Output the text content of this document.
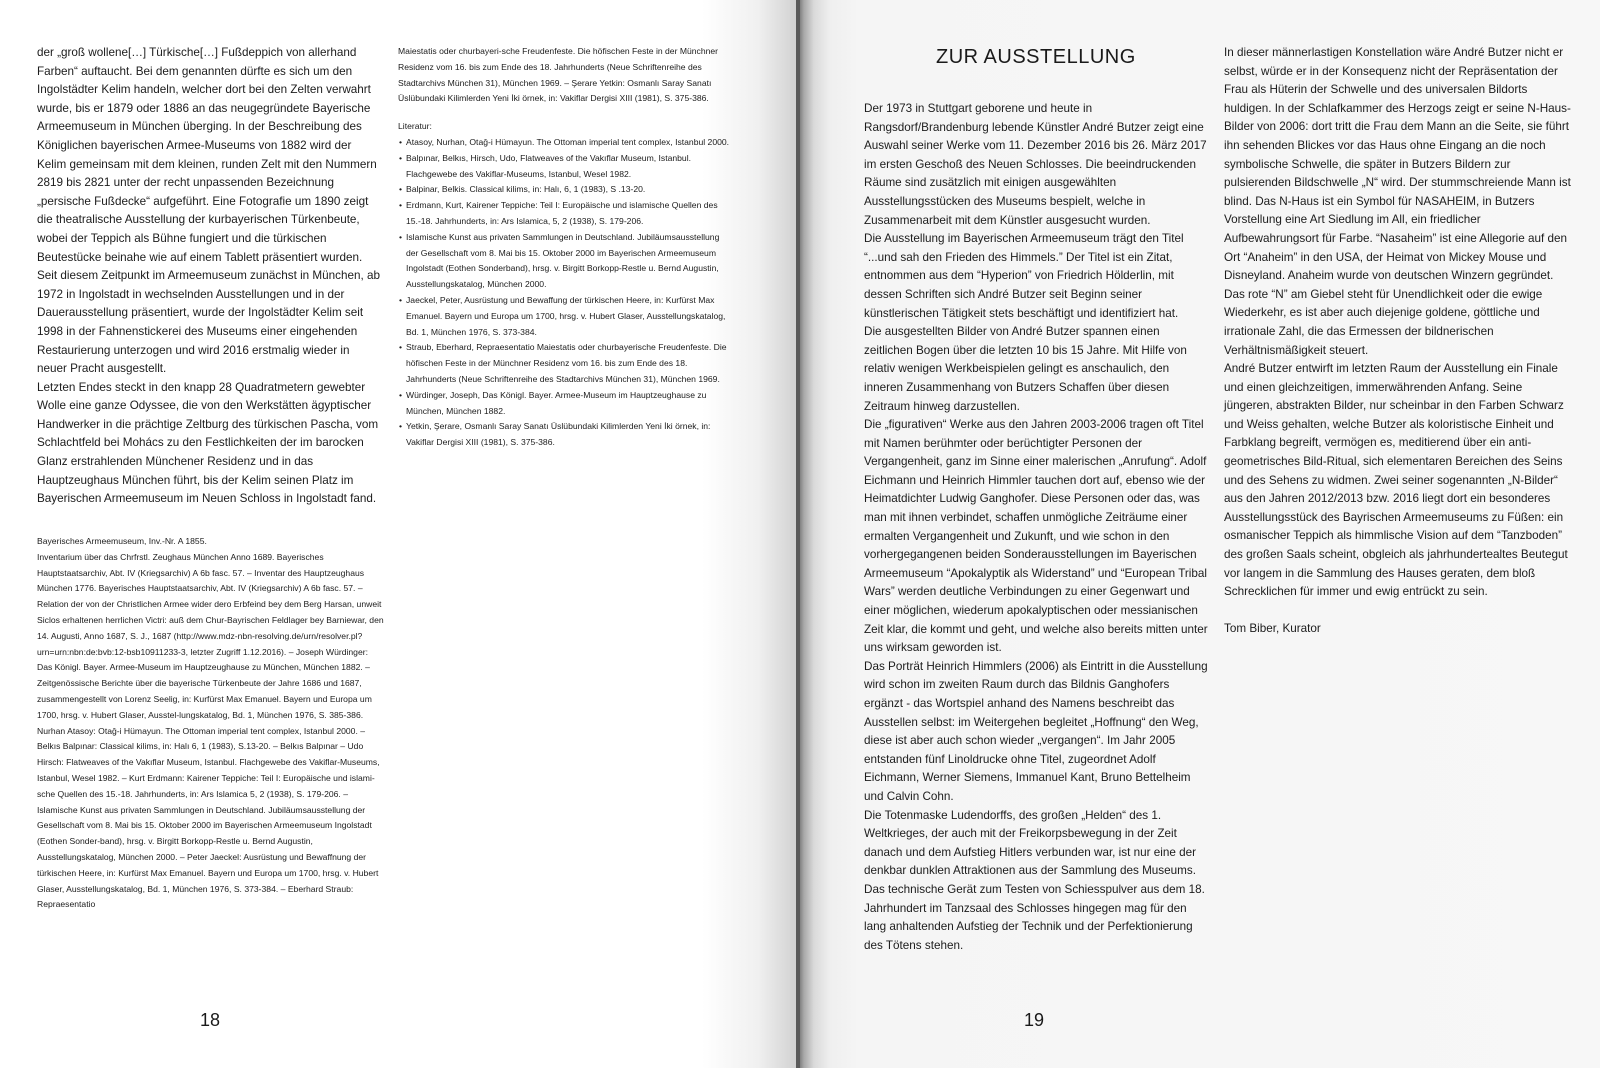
der „groß wollene[…] Türkische[…] Fußdeppich von allerhand Farben“ auftaucht. Bei dem genannten dürfte es sich um den Ingolstädter Kelim handeln, welcher dort bei den Zelten verwahrt wurde, bis er 1879 oder 1886 an das neugegründete Bayerische Armeemuseum in München überging. In der Beschreibung des Königlichen bayerischen Armee-Museums von 1882 wird der Kelim gemeinsam mit dem kleinen, runden Zelt mit den Nummern 2819 bis 2821 unter der recht unpassenden Bezeichnung „persische Fußdecke“ aufgeführt. Eine Fotografie um 1890 zeigt die theatralische Ausstellung der kurbayerischen Türkenbeute, wobei der Teppich als Bühne fungiert und die türkischen Beutestücke beinahe wie auf einem Tablett präsentiert wurden.

Seit diesem Zeitpunkt im Armeemuseum zunächst in München, ab 1972 in Ingolstadt in wechselnden Ausstellungen und in der Dauerausstellung präsentiert, wurde der Ingolstädter Kelim seit 1998 in der Fahnenstickerei des Museums einer eingehenden Restaurierung unterzogen und wird 2016 erstmalig wieder in neuer Pracht ausgestellt.

Letzten Endes steckt in den knapp 28 Quadratmetern gewebter Wolle eine ganze Odyssee, die von den Werkstätten ägyptischer Handwerker in die prächtige Zeltburg des türkischen Pascha, vom Schlachtfeld bei Mohács zu den Festlichkeiten der im barocken Glanz erstrahlenden Münchener Residenz und in das Hauptzeughaus München führt, bis der Kelim seinen Platz im Bayerischen Armeemuseum im Neuen Schloss in Ingolstadt fand.

Bayerisches Armeemuseum, Inv.-Nr. A 1855.

Inventarium über das Chrfrstl. Zeughaus München Anno 1689. Bayerisches Hauptstaatsarchiv, Abt. IV (Kriegsarchiv) A 6b fasc. 57. – Inventar des Hauptzeughaus München 1776. Bayerisches Hauptstaatsarchiv, Abt. IV (Kriegsarchiv) A 6b fasc. 57. – Relation der von der Christlichen Armee wider dero Erbfeind bey dem Berg Harsan, unweit Siclos erhaltenen herrlichen Victri: auß dem Chur-Bayrischen Feldlager bey Barniewar, den 14. Augusti, Anno 1687, S. J., 1687 (http://www.mdz-nbn-resolving.de/urn/resolver.pl?urn=urn:nbn:de:bvb:12-bsb10911233-3, letzter Zugriff 1.12.2016). – Joseph Würdinger: Das Königl. Bayer. Armee-Museum im Hauptzeughause zu München, München 1882. – Zeitgenössische Berichte über die bayerische Türkenbeute der Jahre 1686 und 1687, zusammengestellt von Lorenz Seelig, in: Kurfürst Max Emanuel. Bayern und Europa um 1700, hrsg. v. Hubert Glaser, Ausstel-lungskatalog, Bd. 1, München 1976, S. 385-386.

Nurhan Atasoy: Otağ-i Hümayun. The Ottoman imperial tent complex, Istanbul 2000. – Belkıs Balpınar: Classical kilims, in: Halı 6, 1 (1983), S.13-20. – Belkıs Balpınar – Udo Hirsch: Flatweaves of the Vakıflar Museum, Istanbul. Flachgewebe des Vakiflar-Museums, Istanbul, Wesel 1982. – Kurt Erdmann: Kairener Teppiche: Teil I: Europäische und islami-sche Quellen des 15.-18. Jahrhunderts, in: Ars Islamica 5, 2 (1938), S. 179-206. – Islamische Kunst aus privaten Sammlungen in Deutschland. Jubiläumsausstellung der Gesellschaft vom 8. Mai bis 15. Oktober 2000 im Bayerischen Armeemuseum Ingolstadt (Eothen Sonder-band), hrsg. v. Birgitt Borkopp-Restle u. Bernd Augustin, Ausstellungskatalog, München 2000. – Peter Jaeckel: Ausrüstung und Bewaffnung der türkischen Heere, in: Kurfürst Max Emanuel. Bayern und Europa um 1700, hrsg. v. Hubert Glaser, Ausstellungskatalog, Bd. 1, München 1976, S. 373-384. – Eberhard Straub: Repraesentatio

Maiestatis oder churbayeri-sche Freudenfeste. Die höfischen Feste in der Münchner Residenz vom 16. bis zum Ende des 18. Jahrhunderts (Neue Schriftenreihe des Stadtarchivs München 31), München 1969. – Şerare Yetkin: Osmanlı Saray Sanatı Üslübundaki Kilimlerden Yeni İki örnek, in: Vakiflar Dergisi XIII (1981), S. 375-386.

Literatur:

• Atasoy, Nurhan, Otağ-i Hümayun. The Ottoman imperial tent complex, Istanbul 2000.

• Balpınar, Belkıs, Hirsch, Udo, Flatweaves of the Vakıflar Museum, Istanbul. Flachgewebe des Vakiflar-Museums, Istanbul, Wesel 1982.

• Balpinar, Belkis. Classical kilims, in: Halı, 6, 1 (1983), S .13-20.

• Erdmann, Kurt, Kairener Teppiche: Teil I: Europäische und islamische Quellen des 15.-18. Jahrhunderts, in: Ars Islamica, 5, 2 (1938), S. 179-206.

• Islamische Kunst aus privaten Sammlungen in Deutschland. Jubiläumsausstellung der Gesellschaft vom 8. Mai bis 15. Oktober 2000 im Bayerischen Armeemuseum Ingolstadt (Eothen Sonderband), hrsg. v. Birgitt Borkopp-Restle u. Bernd Augustin, Ausstellungskatalog, München 2000.

• Jaeckel, Peter, Ausrüstung und Bewaffung der türkischen Heere, in: Kurfürst Max Emanuel. Bayern und Europa um 1700, hrsg. v. Hubert Glaser, Ausstellungskatalog, Bd. 1, München 1976, S. 373-384.

• Straub, Eberhard, Repraesentatio Maiestatis oder churbayerische Freudenfeste. Die höfischen Feste in der Münchner Residenz vom 16. bis zum Ende des 18. Jahrhunderts (Neue Schriftenreihe des Stadtarchivs München 31), München 1969.

• Würdinger, Joseph, Das Königl. Bayer. Armee-Museum im Hauptzeughause zu München, München 1882.

• Yetkin, Şerare, Osmanlı Saray Sanatı Üslübundaki Kilimlerden Yeni İki örnek, in: Vakiflar Dergisi XIII (1981), S. 375-386.

18
ZUR AUSSTELLUNG

Der 1973 in Stuttgart geborene und heute in Rangsdorf/Brandenburg lebende Künstler André Butzer zeigt eine Auswahl seiner Werke vom 11. Dezember 2016 bis 26. März 2017 im ersten Geschoß des Neuen Schlosses. Die beeindruckenden Räume sind zusätzlich mit einigen ausgewählten Ausstellungsstücken des Museums bespielt, welche in Zusammenarbeit mit dem Künstler ausgesucht wurden.

Die Ausstellung im Bayerischen Armeemuseum trägt den Titel “...und sah den Frieden des Himmels.” Der Titel ist ein Zitat, entnommen aus dem “Hyperion” von Friedrich Hölderlin, mit dessen Schriften sich André Butzer seit Beginn seiner künstlerischen Tätigkeit stets beschäftigt und identifiziert hat.

Die ausgestellten Bilder von André Butzer spannen einen zeitlichen Bogen über die letzten 10 bis 15 Jahre. Mit Hilfe von relativ wenigen Werkbeispielen gelingt es anschaulich, den inneren Zusammenhang von Butzers Schaffen über diesen Zeitraum hinweg darzustellen.

Die „figurativen“ Werke aus den Jahren 2003-2006 tragen oft Titel mit Namen berühmter oder berüchtigter Personen der Vergangenheit, ganz im Sinne einer malerischen „Anrufung“. Adolf Eichmann und Heinrich Himmler tauchen dort auf, ebenso wie der Heimatdichter Ludwig Ganghofer. Diese Personen oder das, was man mit ihnen verbindet, schaffen unmögliche Zeiträume einer ermalten Vergangenheit und Zukunft, und wie schon in den vorhergegangenen beiden Sonderausstellungen im Bayerischen Armeemuseum “Apokalyptik als Widerstand” und “European Tribal Wars” werden deutliche Verbindungen zu einer Gegenwart und einer möglichen, wiederum apokalyptischen oder messianischen Zeit klar, die kommt und geht, und welche also bereits mitten unter uns wirksam geworden ist.

Das Porträt Heinrich Himmlers (2006) als Eintritt in die Ausstellung wird schon im zweiten Raum durch das Bildnis Ganghofers ergänzt - das Wortspiel anhand des Namens beschreibt das Ausstellen selbst: im Weitergehen begleitet „Hoffnung“ den Weg, diese ist aber auch schon wieder „vergangen“. Im Jahr 2005 entstanden fünf Linoldrucke ohne Titel, zugeordnet Adolf Eichmann, Werner Siemens, Immanuel Kant, Bruno Bettelheim und Calvin Cohn.

Die Totenmaske Ludendorffs, des großen „Helden“ des 1. Weltkrieges, der auch mit der Freikorpsbewegung in der Zeit danach und dem Aufstieg Hitlers verbunden war, ist nur eine der denkbar dunklen Attraktionen aus der Sammlung des Museums. Das technische Gerät zum Testen von Schiesspulver aus dem 18. Jahrhundert im Tanzsaal des Schlosses hingegen mag für den lang anhaltenden Aufstieg der Technik und der Perfektionierung des Tötens stehen.

In dieser männerlastigen Konstellation wäre André Butzer nicht er selbst, würde er in der Konsequenz nicht der Repräsentation der Frau als Hüterin der Schwelle und des universalen Bildorts huldigen. In der Schlafkammer des Herzogs zeigt er seine N-Haus-Bilder von 2006: dort tritt die Frau dem Mann an die Seite, sie führt ihn sehenden Blickes vor das Haus ohne Eingang an die noch symbolische Schwelle, die später in Butzers Bildern zur pulsierenden Bildschwelle „N“ wird. Der stummschreiende Mann ist blind. Das N-Haus ist ein Symbol für NASAHEIM, in Butzers Vorstellung eine Art Siedlung im All, ein friedlicher Aufbewahrungsort für Farbe. “Nasaheim” ist eine Allegorie auf den Ort “Anaheim” in den USA, der Heimat von Mickey Mouse und Disneyland. Anaheim wurde von deutschen Winzern gegründet. Das rote “N” am Giebel steht für Unendlichkeit oder die ewige Wiederkehr, es ist aber auch diejenige goldene, göttliche und irrationale Zahl, die das Ermessen der bildnerischen Verhältnismäßigkeit steuert.

André Butzer entwirft im letzten Raum der Ausstellung ein Finale und einen gleichzeitigen, immerwährenden Anfang. Seine jüngeren, abstrakten Bilder, nur scheinbar in den Farben Schwarz und Weiss gehalten, welche Butzer als koloristische Einheit und Farbklang begreift, vermögen es, meditierend über ein anti-geometrisches Bild-Ritual, sich elementaren Bereichen des Seins und des Sehens zu widmen. Zwei seiner sogenannten „N-Bilder“ aus den Jahren 2012/2013 bzw. 2016 liegt dort ein besonderes Ausstellungsstück des Bayrischen Armeemuseums zu Füßen: ein osmanischer Teppich als himmlische Vision auf dem “Tanzboden” des großen Saals scheint, obgleich als jahrhundertealtes Beutegut vor langem in die Sammlung des Hauses geraten, dem bloß Schrecklichen für immer und ewig entrückt zu sein.

Tom Biber, Kurator

19
